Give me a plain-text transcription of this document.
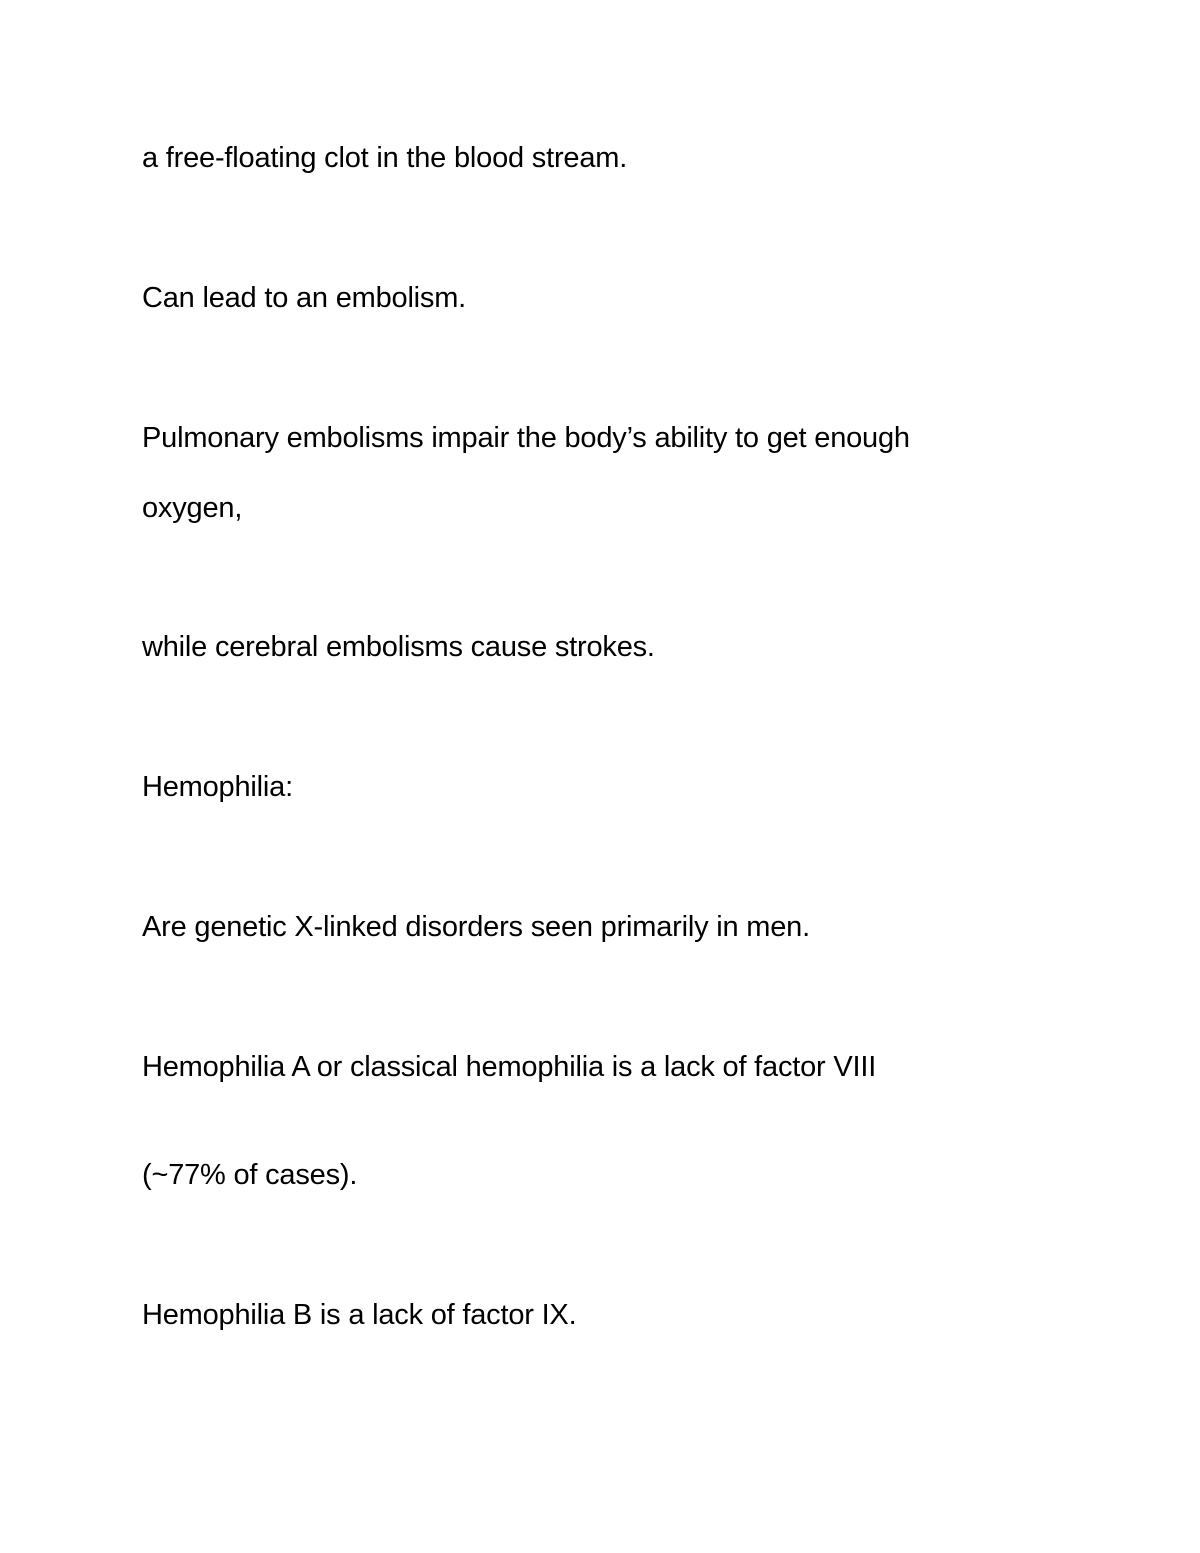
a free-floating clot in the blood stream.
Can lead to an embolism.
Pulmonary embolisms impair the body’s ability to get enough
oxygen,
while cerebral embolisms cause strokes.
Hemophilia:
Are genetic X-linked disorders seen primarily in men.
Hemophilia A or classical hemophilia is a lack of factor VIII
(~77% of cases).
Hemophilia B is a lack of factor IX.
